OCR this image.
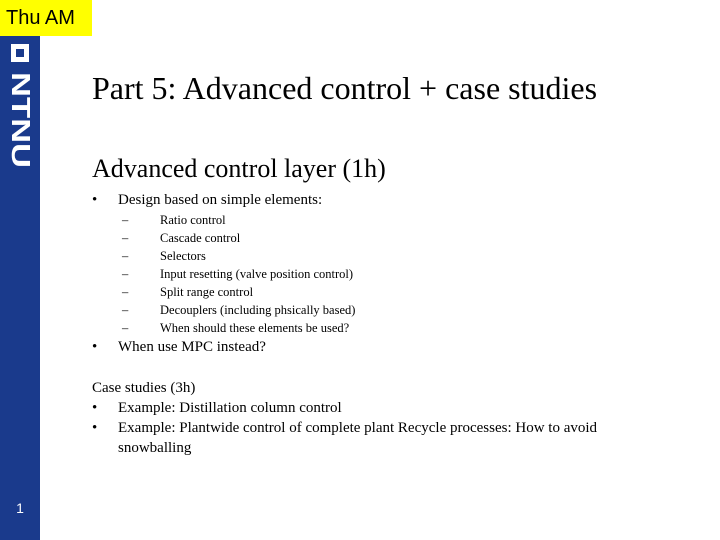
NTNU
1
Thu AM
Part 5: Advanced control + case studies
Advanced control layer (1h)
• Design based on simple elements:
–	Ratio control
–	Cascade control
–	Selectors
–	Input resetting (valve position control)
–	Split range control
–	Decouplers (including phsically based)
–	When should these elements be used?
• When use MPC instead?
Case studies (3h)
•	Example: Distillation column control
•	Example: Plantwide control of complete plant Recycle processes: How to avoid snowballing
